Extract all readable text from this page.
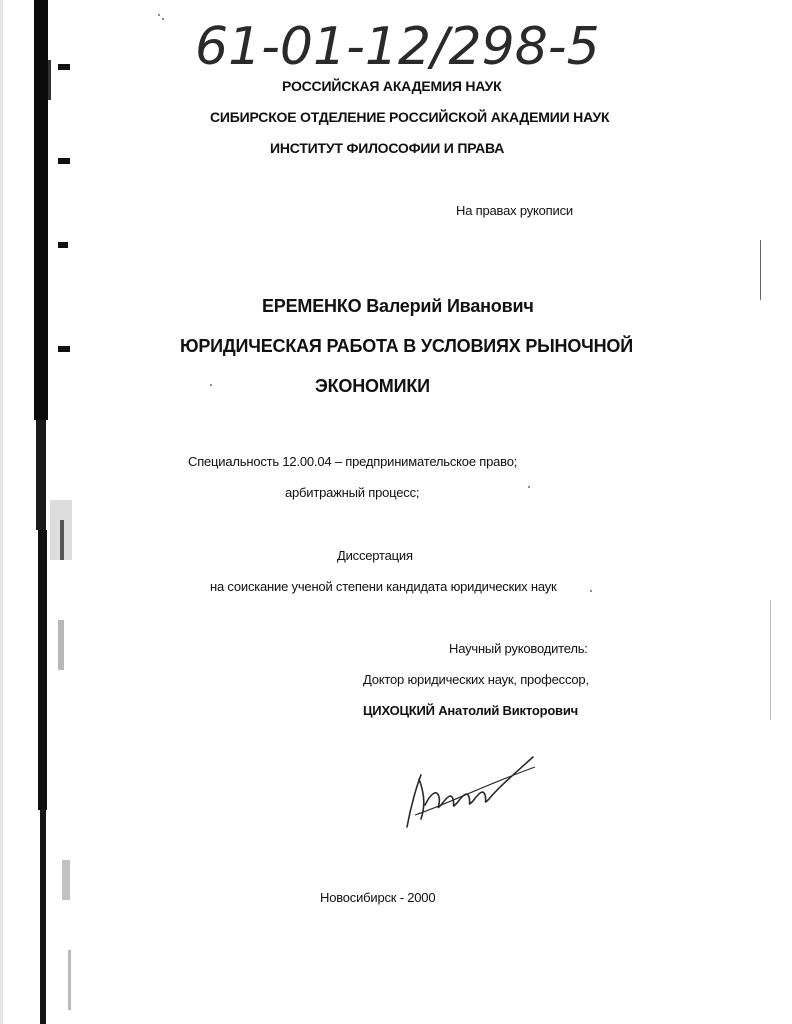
61-01-12/298-5
РОССИЙСКАЯ АКАДЕМИЯ НАУК
СИБИРСКОЕ ОТДЕЛЕНИЕ РОССИЙСКОЙ АКАДЕМИИ НАУК
ИНСТИТУТ ФИЛОСОФИИ И ПРАВА
На правах рукописи
ЕРЕМЕНКО Валерий Иванович
ЮРИДИЧЕСКАЯ РАБОТА В УСЛОВИЯХ РЫНОЧНОЙ
ЭКОНОМИКИ
Специальность 12.00.04 – предпринимательское право;
арбитражный процесс;
Диссертация
на соискание ученой степени кандидата юридических наук
Научный руководитель:
Доктор юридических наук, профессор,
ЦИХОЦКИЙ Анатолий Викторович
Новосибирск - 2000
